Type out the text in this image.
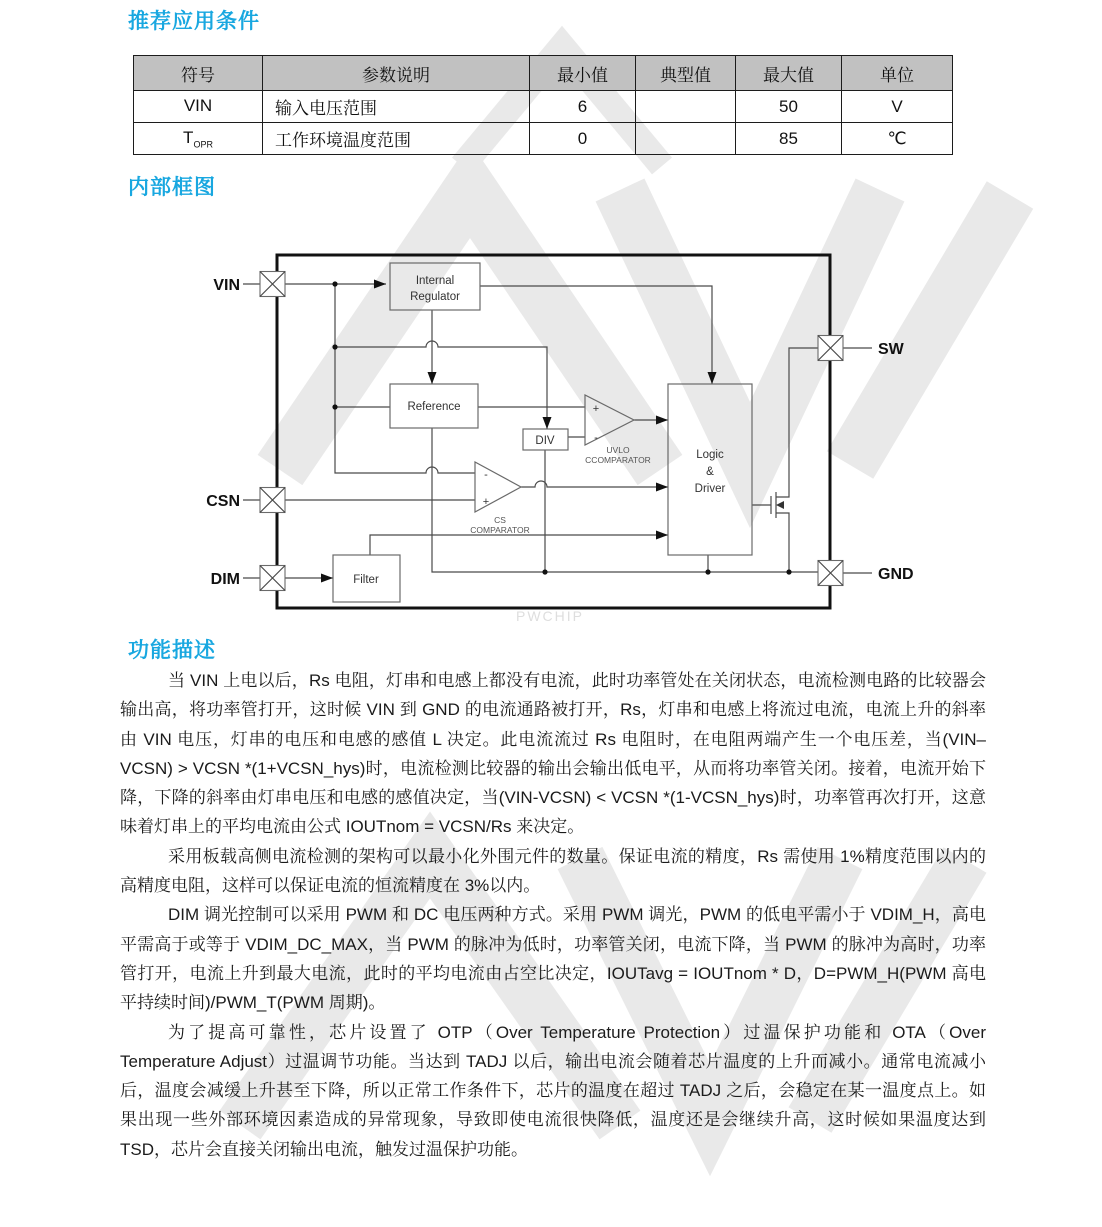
PWCHIP
Internal
Regulator
Reference
DIV
Filter
Logic
&
Driver
+
-
UVLO
CCOMPARATOR
-
+
CS
COMPARATOR
VIN
CSN
DIM
SW
GND
推荐应用条件
内部框图
功能描述
符号	参数说明	最小值	典型值	最大值	单位
VIN	输入电压范围	6		50	V
$T_{OPR}$	工作环境温度范围	0		85	℃

当 VIN 上电以后，Rs 电阻，灯串和电感上都没有电流，此时功率管处在关闭状态，电流检测电路的比较器会输出高，将功率管打开，这时候 VIN 到 GND 的电流通路被打开，Rs，灯串和电感上将流过电流，电流上升的斜率由 VIN 电压，灯串的电压和电感的感值 L 决定。此电流流过 Rs 电阻时，在电阻两端产生一个电压差，当(VIN–VCSN) > VCSN *(1+VCSN_hys)时，电流检测比较器的输出会输出低电平，从而将功率管关闭。接着，电流开始下降，下降的斜率由灯串电压和电感的感值决定，当(VIN-VCSN) < VCSN *(1-VCSN_hys)时，功率管再次打开，这意味着灯串上的平均电流由公式 IOUTnom = VCSN/Rs 来决定。

采用板载高侧电流检测的架构可以最小化外围元件的数量。保证电流的精度，Rs 需使用 1%精度范围以内的高精度电阻，这样可以保证电流的恒流精度在 3%以内。

DIM 调光控制可以采用 PWM 和 DC 电压两种方式。采用 PWM 调光，PWM 的低电平需小于 VDIM_H，高电平需高于或等于 VDIM_DC_MAX，当 PWM 的脉冲为低时，功率管关闭，电流下降，当 PWM 的脉冲为高时，功率管打开，电流上升到最大电流，此时的平均电流由占空比决定，IOUTavg = IOUTnom * D，D=PWM_H(PWM 高电平持续时间)/PWM_T(PWM 周期)。

为了提高可靠性，芯片设置了 OTP（Over Temperature Protection）过温保护功能和 OTA（Over Temperature Adjust）过温调节功能。当达到 TADJ 以后，输出电流会随着芯片温度的上升而减小。通常电流减小后，温度会减缓上升甚至下降，所以正常工作条件下，芯片的温度在超过 TADJ 之后，会稳定在某一温度点上。如果出现一些外部环境因素造成的异常现象，导致即使电流很快降低，温度还是会继续升高，这时候如果温度达到 TSD，芯片会直接关闭输出电流，触发过温保护功能。
